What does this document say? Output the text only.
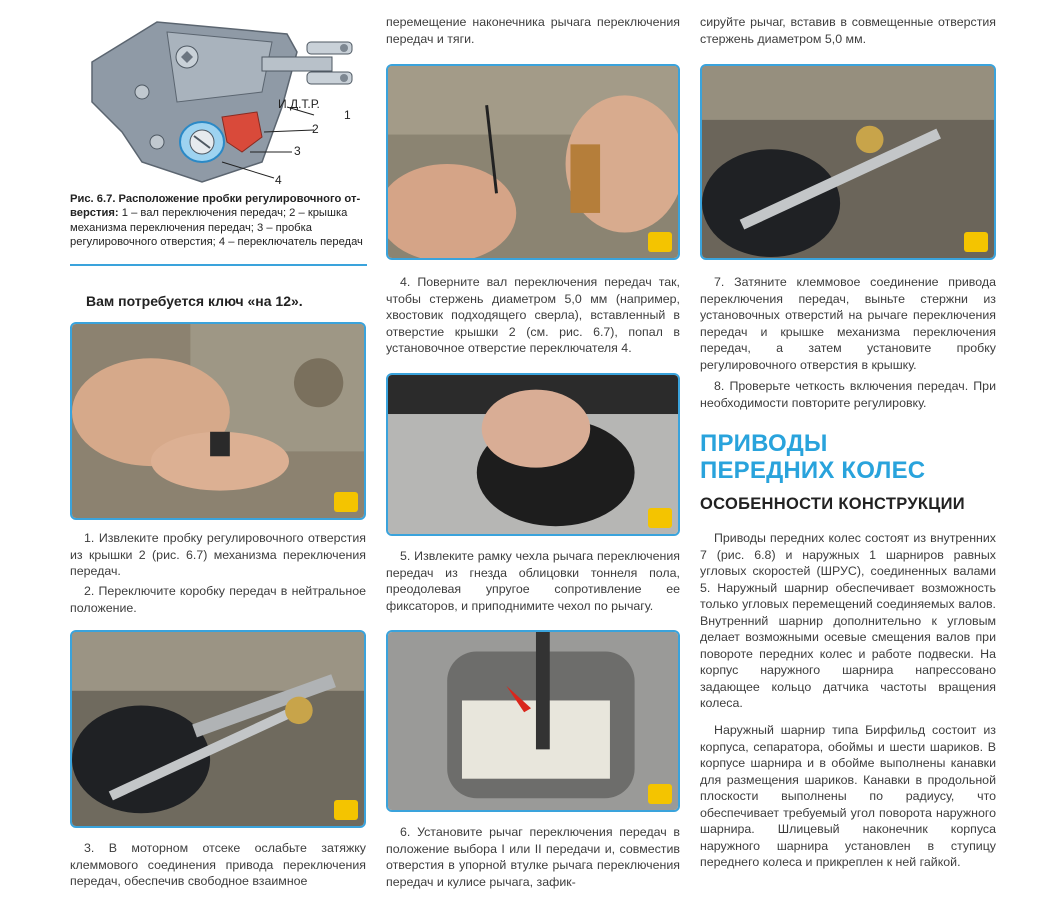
И Д.Т.Р.
1
2
3
4
Рис. 6.7. Расположение пробки регулировочного от-верстия: 1 – вал переключения передач; 2 – крышка механизма переключения передач; 3 – пробка регулировочного отверстия; 4 – переключатель передач
Вам потребуется ключ «на 12».
1. Извлеките пробку регулировочного отверстия из крышки 2 (рис. 6.7) механизма переключения передач.
2. Переключите коробку передач в нейтральное положение.
3. В моторном отсеке ослабьте затяжку клеммового соединения привода переключения передач, обеспечив свободное взаимное
перемещение наконечника рычага переключения передач и тяги.
4. Поверните вал переключения передач так, чтобы стержень диаметром 5,0 мм (например, хвостовик подходящего сверла), вставленный в отверстие крышки 2 (см. рис. 6.7), попал в установочное отверстие переключателя 4.
5. Извлеките рамку чехла рычага переключения передач из гнезда облицовки тоннеля пола, преодолевая упругое сопротивление ее фиксаторов, и приподнимите чехол по рычагу.
6. Установите рычаг переключения передач в положение выбора I или II передачи и, совместив отверстия в упорной втулке рычага переключения передач и кулисе рычага, зафик-
сируйте рычаг, вставив в совмещенные отверстия стержень диаметром 5,0 мм.
7. Затяните клеммовое соединение привода переключения передач, выньте стержни из установочных отверстий на рычаге переключения передач и крышке механизма переключения передач, а затем установите пробку регулировочного отверстия в крышку.
8. Проверьте четкость включения передач. При необходимости повторите регулировку.
ПРИВОДЫ
ПЕРЕДНИХ КОЛЕС
ОСОБЕННОСТИ КОНСТРУКЦИИ
Приводы передних колес состоят из внутренних 7 (рис. 6.8) и наружных 1 шарниров равных угловых скоростей (ШРУС), соединенных валами 5. Наружный шарнир обеспечивает возможность только угловых перемещений соединяемых валов. Внутренний шарнир дополнительно к угловым делает возможными осевые смещения валов при повороте передних колес и работе подвески. На корпус наружного шарнира напрессовано задающее кольцо датчика частоты вращения колеса.
Наружный шарнир типа Бирфильд состоит из корпуса, сепаратора, обоймы и шести шариков. В корпусе шарнира и в обойме выполнены канавки для размещения шариков. Канавки в продольной плоскости выполнены по радиусу, что обеспечивает требуемый угол поворота наружного шарнира. Шлицевый наконечник корпуса наружного шарнира установлен в ступицу переднего колеса и прикреплен к ней гайкой.
